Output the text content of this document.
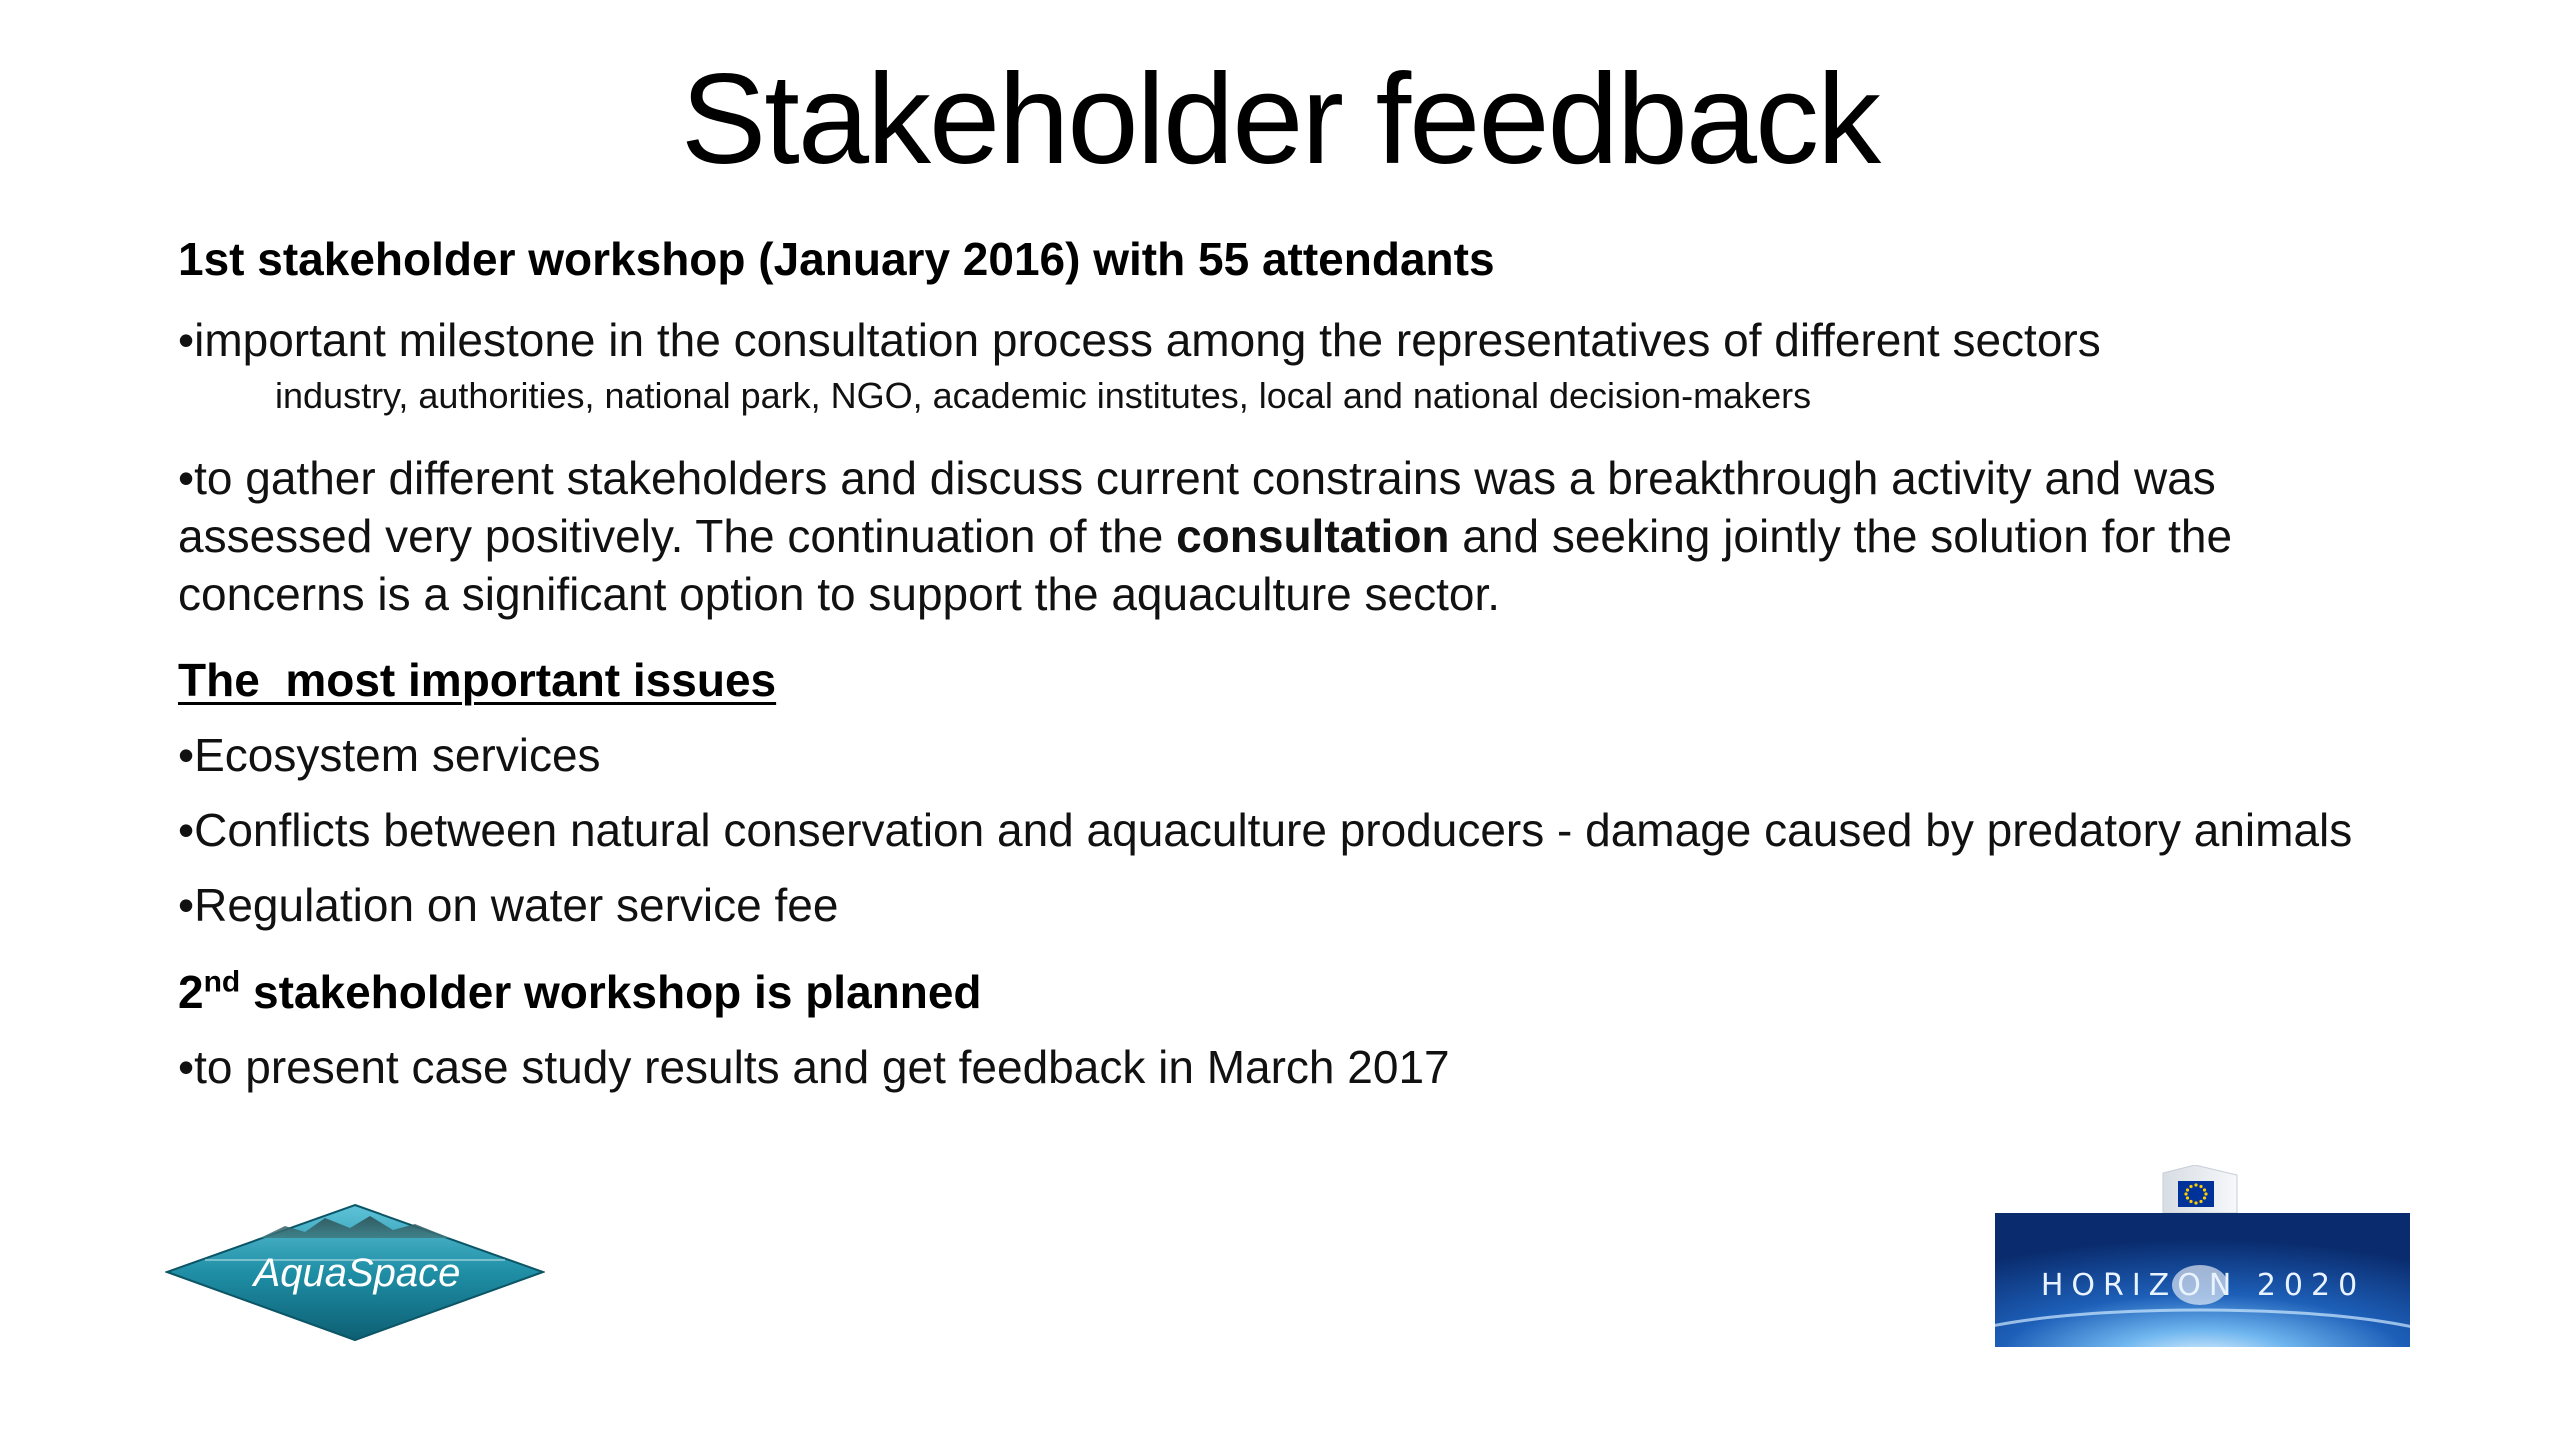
Stakeholder feedback
1st stakeholder workshop (January 2016) with 55 attendants
•important milestone in the consultation process among the representatives of different sectors
industry, authorities, national park, NGO, academic institutes, local and national decision-makers
•to gather different stakeholders and discuss current constrains was a breakthrough activity and was assessed very positively. The continuation of the consultation and seeking jointly the solution for the concerns is a significant option to support the aquaculture sector.
The  most important issues
•Ecosystem services
•Conflicts between natural conservation and aquaculture producers - damage caused by predatory animals
•Regulation on water service fee
2nd stakeholder workshop is planned
•to present case study results and get feedback in March 2017
AquaSpace	HORIZON 2020
